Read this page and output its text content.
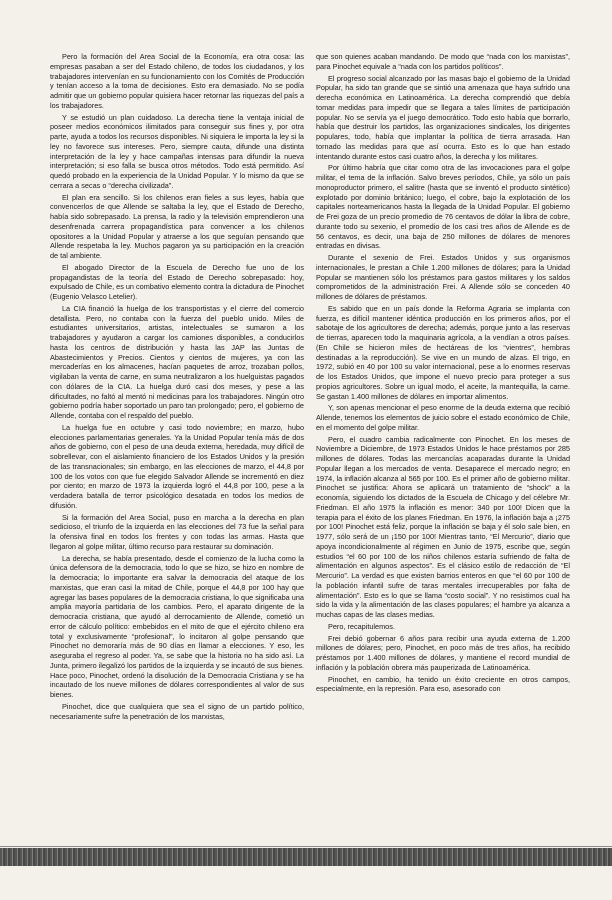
Pero la formación del Area Social de la Economía, era otra cosa: las empresas pasaban a ser del Estado chileno, de todos los ciudadanos, y los trabajadores intervenían en su funcionamiento con los Comités de Producción y tenían acceso a la toma de decisiones. Esto era demasiado. No se podía admitir que un gobierno popular quisiera hacer retornar las riquezas del país a los trabajadores.

Y se estudió un plan cuidadoso. La derecha tiene la ventaja inicial de poseer medios económicos ilimitados para conseguir sus fines y, por otra parte, ayuda a todos los recursos disponibles. Ni siquiera le importa la ley si la ley no favorece sus intereses. Pero, siempre cauta, difunde una distinta interpretación de la ley y hace campañas intensas para difundir la nueva interpretación; si eso falla se busca otros métodos. Todo está permitido. Así quedó probado en la experiencia de la Unidad Popular. Y lo mismo da que se cerrara a secas o “derecha civilizada”.

El plan era sencillo. Si los chilenos eran fieles a sus leyes, había que convencerlos de que Allende se saltaba la ley, que el Estado de Derecho, había sido sobrepasado. La prensa, la radio y la televisión emprendieron una desenfrenada carrera propagandística para convencer a los chilenos opositores a la Unidad Popular y atraerse a los que seguían pensando que Allende respetaba la ley. Muchos pagaron ya su participación en la creación de tal ambiente.

El abogado Director de la Escuela de Derecho fue uno de los propagandistas de la teoría del Estado de Derecho sobrepasado: hoy, expulsado de Chile, es un combativo elemento contra la dictadura de Pinochet (Eugenio Velasco Letelier).

La CIA financió la huelga de los transportistas y el cierre del comercio detallista. Pero, no contaba con la fuerza del pueblo unido. Miles de estudiantes universitarios, artistas, intelectuales se sumaron a los trabajadores y ayudaron a cargar los camiones disponibles, a conducirlos hasta los centros de distribución y hasta las JAP las Juntas de Abastecimientos y Precios. Cientos y cientos de mujeres, ya con las mercaderías en los almacenes, hacían paquetes de arroz, trozaban pollos, vigilaban la venta de carne, en suma neutralizaron a los huelguistas pagados con dólares de la CIA. La huelga duró casi dos meses, y pese a las dificultades, no faltó al mentó ni medicinas para los trabajadores. Ningún otro gobierno podría haber soportado un paro tan prolongado; pero, el gobierno de Allende, contaba con el respaldo del pueblo.

La huelga fue en octubre y casi todo noviembre; en marzo, hubo elecciones parlamentarias generales. Ya la Unidad Popular tenía más de dos años de gobierno, con el peso de una deuda externa, heredada, muy difícil de sobrellevar, con el aislamiento financiero de los Estados Unidos y la presión de las transnacionales; sin embargo, en las elecciones de marzo, el 44,8 por 100 de los votos con que fue elegido Salvador Allende se incrementó en diez por ciento; en marzo de 1973 la izquierda logró el 44,8 por 100, pese a la verdadera batalla de terror psicológico desatada en todos los medios de difusión.

Si la formación del Area Social, puso en marcha a la derecha en plan sedicioso, el triunfo de la izquierda en las elecciones del 73 fue la señal para la ofensiva final en todos los frentes y con todas las armas. Hasta que llegaron al golpe militar, último recurso para restaurar su dominación.

La derecha, se había presentado, desde el comienzo de la lucha como la única defensora de la democracia, todo lo que se hizo, se hizo en nombre de la democracia; lo importante era salvar la democracia del ataque de los marxistas, que eran casi la mitad de Chile, porque el 44,8 por 100 hay que agregar las bases populares de la democracia cristiana, lo que significaba una amplia mayoría partidaria de los cambios. Pero, el aparato dirigente de la democracia cristiana, que ayudó al derrocamiento de Allende, cometió un error de cálculo político: embebidos en el mito de que el ejército chileno era total y exclusivamente “profesional”, lo incitaron al golpe pensando que Pinochet no demoraría más de 90 días en llamar a elecciones. Y eso, les aseguraba el regreso al poder. Ya, se sabe que la historia no ha sido así. La Junta, primero ilegalizó los partidos de la izquierda y se incautó de sus bienes. Hace poco, Pinochet, ordenó la disolución de la Democracia Cristiana y se ha incautado de los nueve millones de dólares correspondientes al valor de sus bienes.

Pinochet, dice que cualquiera que sea el signo de un partido político, necesariamente sufre la penetración de los marxistas,

que son quienes acaban mandando. De modo que “nada con los marxistas”, para Pinochet equivale a “nada con los partidos políticos”.

El progreso social alcanzado por las masas bajo el gobierno de la Unidad Popular, ha sido tan grande que se sintió una amenaza que haya sufrido una derecha económica en Latinoamérica. La derecha comprendió que debía tomar medidas para impedir que se llegara a tales límites de participación popular. No se servía ya el juego democrático. Todo esto había que borrarlo, había que destruir los partidos, las organizaciones sindicales, los dirigentes populares, todo, había que implantar la política de tierra arrasada. Han tornado las medidas para que así ocurra. Esto es lo que han estado intentando durante estos casi cuatro años, la derecha y los militares.

Por último habría que citar como otra de las invocaciones para el golpe militar, el tema de la inflación. Salvo breves períodos, Chile, ya sólo un país monoproductor primero, el salitre (hasta que se inventó el producto sintético) explotado por dominio británico; luego, el cobre, bajo la explotación de los capitales norteamericanos hasta la llegada de la Unidad Popular. El gobierno de Frei goza de un precio promedio de 76 centavos de dólar la libra de cobre, durante todo su sexenio, el promedio de los casi tres años de Allende es de 56 centavos, es decir, una baja de 250 millones de dólares de menores entradas en divisas.

Durante el sexenio de Frei. Estados Unidos y sus organismos internacionales, le prestan a Chile 1.200 millones de dólares; para la Unidad Popular se mantienen sólo los préstamos para gastos militares y los saldos comprometidos de la administración Frei. A Allende sólo se conceden 40 millones de dólares de préstamos.

Es sabido que en un país donde la Reforma Agraria se implanta con fuerza, es difícil mantener idéntica producción en los primeros años, por el sabotaje de los agricultores de derecha; además, porque junto a las reservas de tierras, aparecen todo la maquinaria agrícola, a la vendían a otros países. (En Chile se hicieron miles de hectáreas de los “vientres”, hembras destinadas a la reproducción). Se vive en un mundo de alzas. El trigo, en 1972, subió en 40 por 100 su valor internacional, pese a lo enormes reservas de los Estados Unidos, que impone el nuevo precio para proteger a sus propios agricultores. Sobre un igual modo, el aceite, la mantequilla, la carne. Se gastan 1.400 millones de dólares en importar alimentos.

Y, son apenas mencionar el peso enorme de la deuda externa que recibió Allende, tenemos los elementos de juicio sobre el estado económico de Chile, en el momento del golpe militar.

Pero, el cuadro cambia radicalmente con Pinochet. En los meses de Noviembre a Diciembre, de 1973 Estados Unidos le hace préstamos por 285 millones de dólares. Todas las mercancías acaparadas durante la Unidad Popular llegan a los mercados de venta. Desaparece el mercado negro; en 1974, la inflación alcanza al 565 por 100. Es el primer año de gobierno militar. Pinochet se justifica: Ahora se aplicará un tratamiento de “shock” a la economía, siguiendo los dictados de la Escuela de Chicago y del célebre Mr. Friedman. El año 1975 la inflación es menor: 340 por 100! Dicen que la terapia para el éxito de los planes Friedman. En 1976, la inflación baja a ¡275 por 100! Pinochet está feliz, porque la inflación se baja y él solo sale bien, en 1977, sólo será de un ¡150 por 100! Mientras tanto, “El Mercurio”, diario que apoya incondicionalmente al régimen en Junio de 1975, escribe que, según estudios “el 60 por 100 de los niños chilenos estaría sufriendo de falta de alimentación en algunos aspectos”. Es el clásico estilo de redacción de “El Mercurio”. La verdad es que existen barrios enteros en que “el 60 por 100 de la población infantil sufre de taras mentales irrecuperables por falta de alimentación”. Esto es lo que se llama “costo social”. Y no resistimos cual ha sido la vida y la alimentación de las clases populares; el hambre ya alcanza a muchas capas de las clases medias.

Pero, recapitulemos.

Frei debió gobernar 6 años para recibir una ayuda externa de 1.200 millones de dólares; pero, Pinochet, en poco más de tres años, ha recibido préstamos por 1.400 millones de dólares, y mantiene el record mundial de inflación y la población obrera más pauperizada de Latinoamérica.

Pinochet, en cambio, ha tenido un éxito creciente en otros campos, especialmente, en la represión. Para eso, asesorado con
